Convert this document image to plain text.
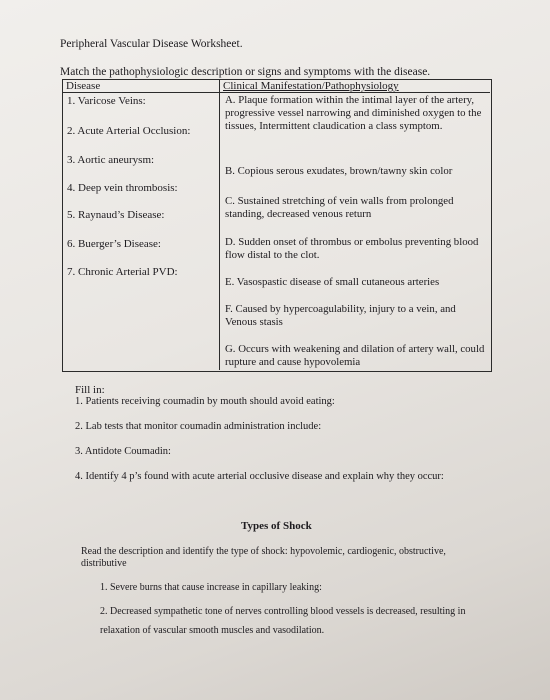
Peripheral Vascular Disease Worksheet.
Match the pathophysiologic description or signs and symptoms with the disease.
Disease	Clinical Manifestation/Pathophysiology
1. Varicose Veins:
2. Acute Arterial Occlusion:
3. Aortic aneurysm:
4. Deep vein thrombosis:
5. Raynaud’s Disease:
6. Buerger’s Disease:
7. Chronic Arterial PVD:
A. Plaque formation within the intimal layer of the artery, progressive vessel narrowing and diminished oxygen to the tissues, Intermittent claudication a class symptom.
B. Copious serous exudates, brown/tawny skin color
C. Sustained stretching of vein walls from prolonged standing, decreased venous return
D. Sudden onset of thrombus or embolus preventing blood flow distal to the clot.
E. Vasospastic disease of small cutaneous arteries
F. Caused by hypercoagulability, injury to a vein, and Venous stasis
G. Occurs with weakening and dilation of artery wall, could rupture and cause hypovolemia
Fill in:
1. Patients receiving coumadin by mouth should avoid eating:
2. Lab tests that monitor coumadin administration include:
3. Antidote Coumadin:
4. Identify 4 p’s found with acute arterial occlusive disease and explain why they occur:
Types of Shock
Read the description and identify the type of shock: hypovolemic, cardiogenic, obstructive, distributive
1. Severe burns that cause increase in capillary leaking:
2. Decreased sympathetic tone of nerves controlling blood vessels is decreased, resulting in relaxation of vascular smooth muscles and vasodilation.
